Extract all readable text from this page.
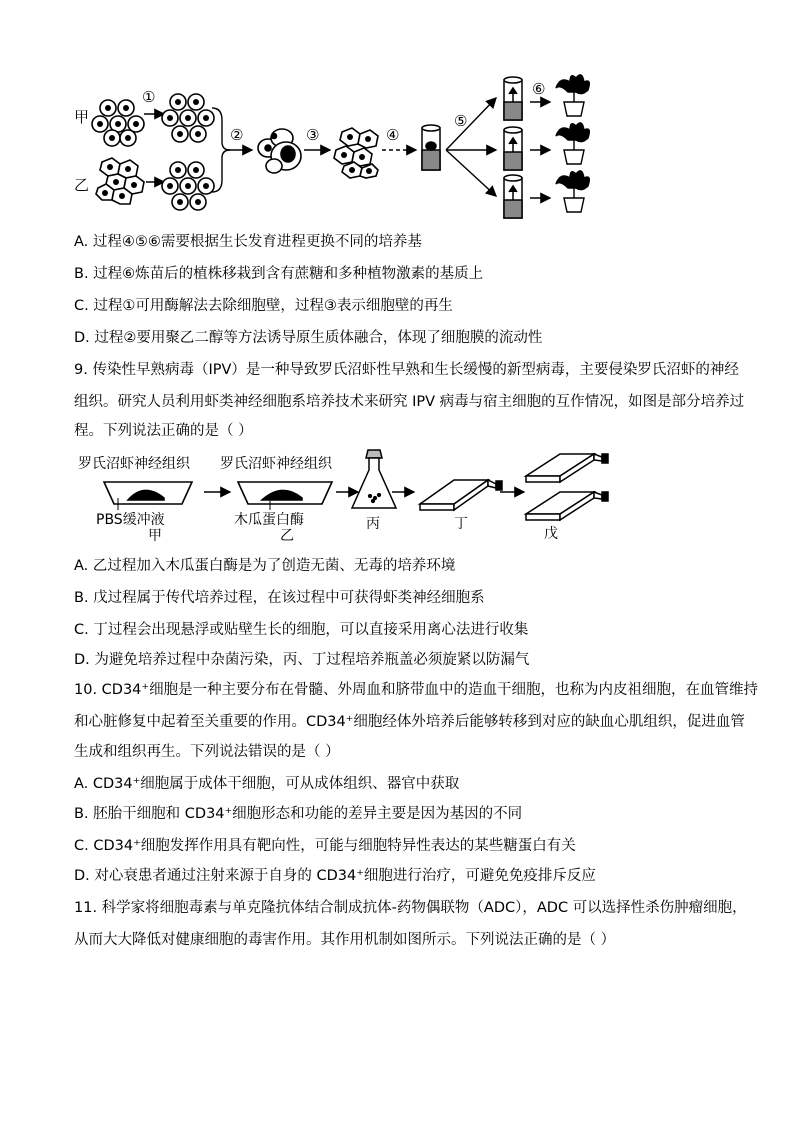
甲
乙
①
②	③	④
⑤
⑥
A. 过程④⑤⑥需要根据生长发育进程更换不同的培养基
B. 过程⑥炼苗后的植株移栽到含有蔗糖和多种植物激素的基质上
C. 过程①可用酶解法去除细胞壁，过程③表示细胞壁的再生
D. 过程②要用聚乙二醇等方法诱导原生质体融合，体现了细胞膜的流动性
9. 传染性早熟病毒（IPV）是一种导致罗氏沼虾性早熟和生长缓慢的新型病毒，主要侵染罗氏沼虾的神经
组织。研究人员利用虾类神经细胞系培养技术来研究 IPV 病毒与宿主细胞的互作情况，如图是部分培养过
程。下列说法正确的是（ ）
罗氏沼虾神经组织 罗氏沼虾神经组织
PBS缓冲液
甲
木瓜蛋白酶
乙
丙	丁
戊
A. 乙过程加入木瓜蛋白酶是为了创造无菌、无毒的培养环境
B. 戊过程属于传代培养过程，在该过程中可获得虾类神经细胞系
C. 丁过程会出现悬浮或贴壁生长的细胞，可以直接采用离心法进行收集
D. 为避免培养过程中杂菌污染，丙、丁过程培养瓶盖必须旋紧以防漏气
10. CD34⁺细胞是一种主要分布在骨髓、外周血和脐带血中的造血干细胞，也称为内皮祖细胞，在血管维持
和心脏修复中起着至关重要的作用。CD34⁺细胞经体外培养后能够转移到对应的缺血心肌组织，促进血管
生成和组织再生。下列说法错误的是（ ）
A. CD34⁺细胞属于成体干细胞，可从成体组织、器官中获取
B. 胚胎干细胞和 CD34⁺细胞形态和功能的差异主要是因为基因的不同
C. CD34⁺细胞发挥作用具有靶向性，可能与细胞特异性表达的某些糖蛋白有关
D. 对心衰患者通过注射来源于自身的 CD34⁺细胞进行治疗，可避免免疫排斥反应
11. 科学家将细胞毒素与单克隆抗体结合制成抗体-药物偶联物（ADC），ADC 可以选择性杀伤肿瘤细胞，
从而大大降低对健康细胞的毒害作用。其作用机制如图所示。下列说法正确的是（ ）
